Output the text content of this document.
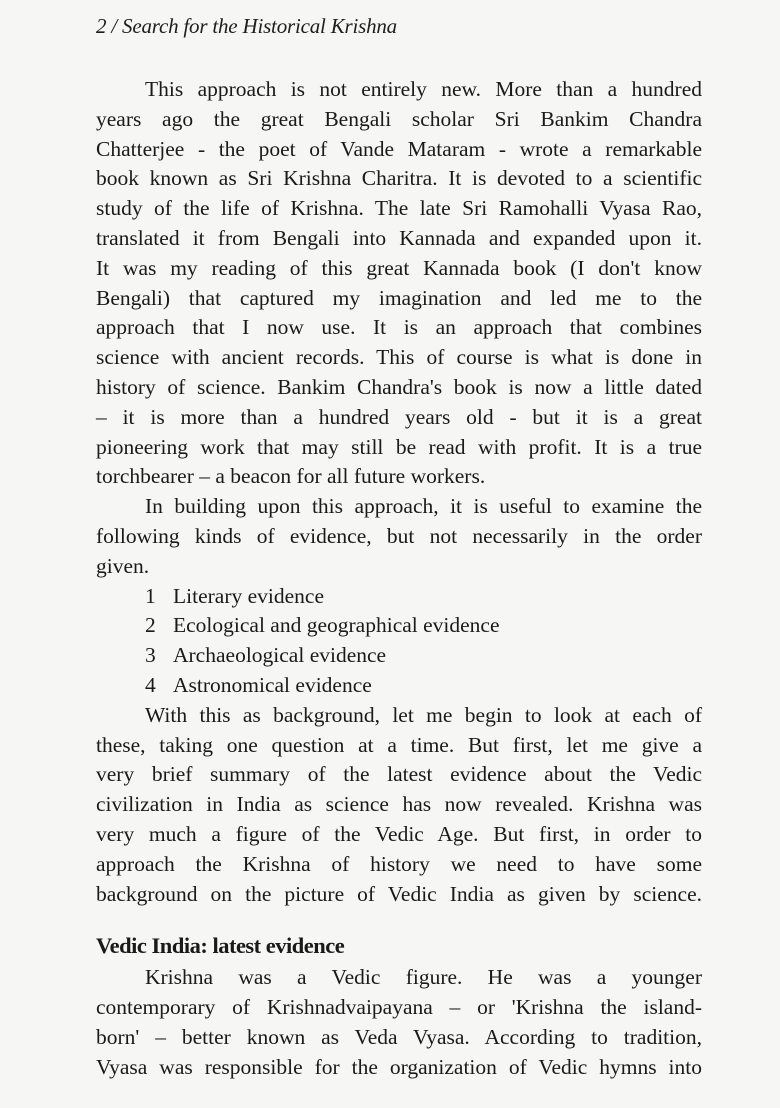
2 / Search for the Historical Krishna
This approach is not entirely new. More than a hundred
years ago the great Bengali scholar Sri Bankim Chandra
Chatterjee - the poet of Vande Mataram - wrote a remarkable
book known as Sri Krishna Charitra. It is devoted to a scientific
study of the life of Krishna. The late Sri Ramohalli Vyasa Rao,
translated it from Bengali into Kannada and expanded upon it.
It was my reading of this great Kannada book (I don't know
Bengali) that captured my imagination and led me to the
approach that I now use. It is an approach that combines
science with ancient records. This of course is what is done in
history of science. Bankim Chandra's book is now a little dated
– it is more than a hundred years old - but it is a great
pioneering work that may still be read with profit. It is a true
torchbearer – a beacon for all future workers.
In building upon this approach, it is useful to examine the
following kinds of evidence, but not necessarily in the order
given.
1 Literary evidence
2 Ecological and geographical evidence
3 Archaeological evidence
4 Astronomical evidence
With this as background, let me begin to look at each of
these, taking one question at a time. But first, let me give a
very brief summary of the latest evidence about the Vedic
civilization in India as science has now revealed. Krishna was
very much a figure of the Vedic Age. But first, in order to
approach the Krishna of history we need to have some
background on the picture of Vedic India as given by science.
Vedic India: latest evidence
Krishna was a Vedic figure. He was a younger
contemporary of Krishnadvaipayana – or 'Krishna the island-
born' – better known as Veda Vyasa. According to tradition,
Vyasa was responsible for the organization of Vedic hymns into
